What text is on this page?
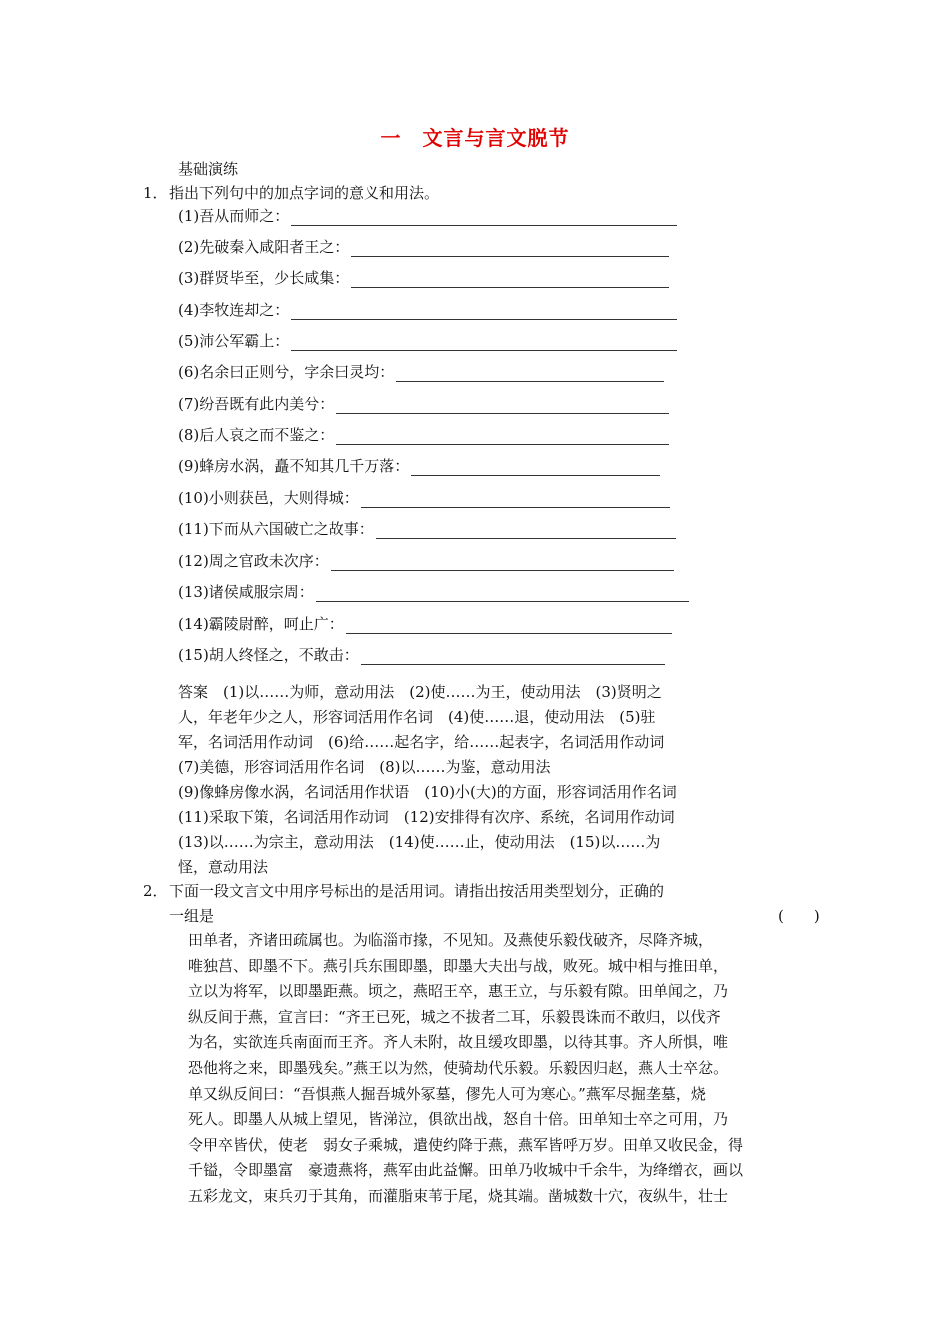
一　文言与言文脱节
基础演练
1． 指出下列句中的加点字词的意义和用法。
(1)吾从而师之：
(2)先破秦入咸阳者王之：
(3)群贤毕至，少长咸集：
(4)李牧连却之：
(5)沛公军霸上：
(6)名余曰正则兮，字余曰灵均：
(7)纷吾既有此内美兮：
(8)后人哀之而不鉴之：
(9)蜂房水涡，矗不知其几千万落：
(10)小则获邑，大则得城：
(11)下而从六国破亡之故事：
(12)周之官政未次序：
(13)诸侯咸服宗周：
(14)霸陵尉醉，呵止广：
(15)胡人终怪之，不敢击：
答案　(1)以……为师，意动用法　(2)使……为王，使动用法　(3)贤明之
人，年老年少之人，形容词活用作名词　(4)使……退，使动用法　(5)驻
军，名词活用作动词　(6)给……起名字，给……起表字，名词活用作动词
(7)美德，形容词活用作名词　(8)以……为鉴，意动用法
(9)像蜂房像水涡，名词活用作状语　(10)小(大)的方面，形容词活用作名词
(11)采取下策，名词活用作动词　(12)安排得有次序、系统，名词用作动词
(13)以……为宗主，意动用法　(14)使……止，使动用法　(15)以……为
怪，意动用法
2． 下面一段文言文中用序号标出的是活用词。请指出按活用类型划分，正确的
一组是	(　　)
田单者，齐诸田疏属也。为临淄市掾，不见知。及燕使乐毅伐破齐，尽降齐城，
唯独莒、即墨不下。燕引兵东围即墨，即墨大夫出与战，败死。城中相与推田单，
立以为将军，以即墨距燕。顷之，燕昭王卒，惠王立，与乐毅有隙。田单闻之，乃
纵反间于燕，宣言曰：“齐王已死，城之不拔者二耳，乐毅畏诛而不敢归，以伐齐
为名，实欲连兵南面而王齐。齐人未附，故且缓攻即墨，以待其事。齐人所惧，唯
恐他将之来，即墨残矣。”燕王以为然，使骑劫代乐毅。乐毅因归赵，燕人士卒忿。
单又纵反间曰：“吾惧燕人掘吾城外冢墓，僇先人可为寒心。”燕军尽掘垄墓，烧
死人。即墨人从城上望见，皆涕泣，俱欲出战，怒自十倍。田单知士卒之可用，乃
令甲卒皆伏，使老　弱女子乘城，遣使约降于燕，燕军皆呼万岁。田单又收民金，得
千镒，令即墨富　豪遗燕将，燕军由此益懈。田单乃收城中千余牛，为绛缯衣，画以
五彩龙文，束兵刃于其角，而灌脂束苇于尾，烧其端。凿城数十穴，夜纵牛，壮士
